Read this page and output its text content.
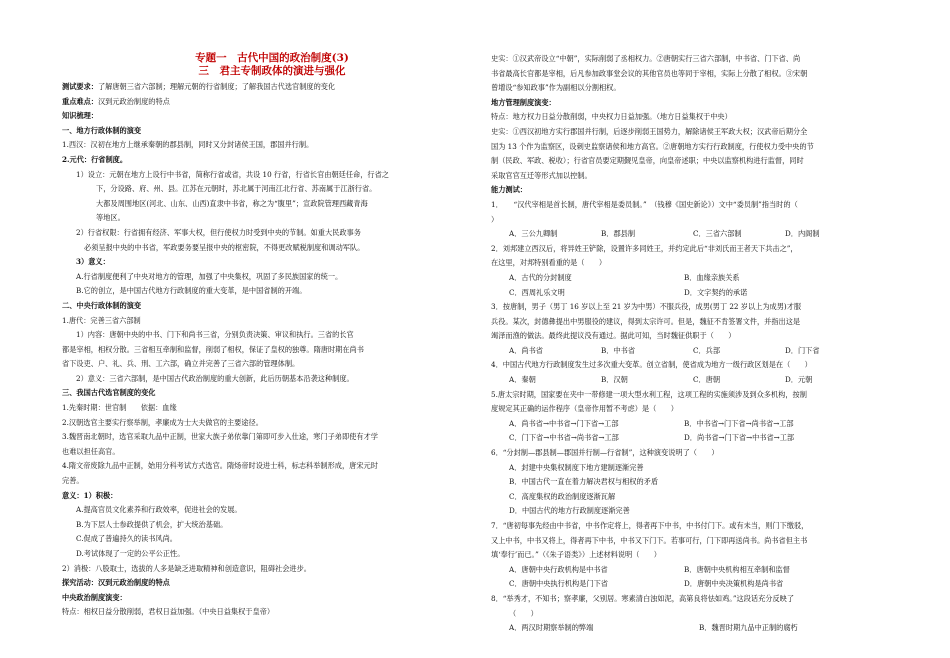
专题一　古代中国的政治制度(3)

三　君主专制政体的演进与强化

测试要求：了解唐朝三省六部制；理解元朝的行省制度；了解我国古代选官制度的变化

重点难点：汉到元政治制度的特点

知识梳理：

一、地方行政体制的演变

1.西汉：汉初在地方上继承秦朝的郡县制，同时又分封诸侯王国，郡国并行制。

2.元代：行省制度。

1）设立：元朝在地方上设行中书省，简称行省或省，共设 10 行省，行省长官由朝廷任命，行省之

下，分设路、府、州、县。江苏在元朝时，苏北属于河南江北行省、苏南属于江浙行省。

大都及周围地区(河北、山东、山西)直隶中书省，称之为“腹里”；宣政院管理西藏青海

等地区。

2）行省权限：行省拥有经济、军事大权，但行使权力时受到中央的节制。如重大民政事务

必须呈报中央的中书省，军政要务要呈报中央的枢密院，不得更改赋税制度和调动军队。

3）意义：

A.行省制度便利了中央对地方的管理，加强了中央集权，巩固了多民族国家的统一。

B.它的创立，是中国古代地方行政制度的重大变革，是中国省制的开端。

二、中央行政体制的演变

1.唐代：完善三省六部制

1）内容：唐朝中央的中书、门下和尚书三省，分别负责决策、审议和执行。三省的长官

都是宰相，相权分散。三省相互牵制和监督，削弱了相权，保证了皇权的独尊。隋唐时期在尚书

省下设吏、户、礼、兵、刑、工六部，确立并完善了三省六部的管理体制。

2）意义：三省六部制，是中国古代政治制度的重大创新，此后历朝基本沿袭这种制度。

三、我国古代选官制度的变化

1.先秦时期：世官制　　依据：血缘

2.汉朝选官主要实行察举制，孝廉成为士大夫做官的主要途径。

3.魏晋南北朝时，选官采取九品中正制，世家大族子弟依靠门第即可步入仕途，寒门子弟即使有才学

也难以担任高官。

4.隋文帝废除九品中正制，始用分科考试方式选官。隋炀帝时设进士科，标志科举制形成，唐宋元时

完善。

意义：1）积极：

A.提高官员文化素养和行政效率，促进社会的发展。

B.为下层人士参政提供了机会，扩大统治基础。

C.促成了普遍持久的读书风尚。

D.考试体现了一定的公平公正性。

2）消极：八股取士，选拔的人多是缺乏进取精神和创造意识，阻碍社会进步。

探究活动：汉到元政治制度的特点

中央政治制度演变：

特点：相权日益分散削弱，君权日益加强。（中央日益集权于皇帝）

史实：①汉武帝设立“中朝”，实际削弱了丞相权力。②唐朝实行三省六部制，中书省、门下省、尚

书省最高长官都是宰相，后凡参加政事堂会议的其他官员也等同于宰相，实际上分散了相权。③宋朝

曾增设“参知政事”作为副相以分割相权。

地方管理制度演变：

特点：地方权力日益分散削弱，中央权力日益加强。（地方日益集权于中央）

史实：①西汉初地方实行郡国并行制，后逐步削弱王国势力，解除诸侯王军政大权；汉武帝后期分全

国为 13 个作为监察区，设刺史监察诸侯和地方高官。②唐朝地方实行行政制度，行使权力受中央的节

制（民政、军政、税收）；行省官员要定期觐见皇帝，向皇帝述职；中央以监察机构进行监督，同时

采取官官互迁等形式加以控制。

能力测试：

1．　　“汉代宰相是首长制，唐代宰相是委员制。”　（钱穆《国史新论》）文中“委员制”指当时的（

）

A．三公九卿制	B．郡县制	C．三省六部制	D．内阁制

2．刘邦建立西汉后，将异姓王铲除，设置许多同姓王，并约定此后“非刘氏而王者天下共击之”，

在这里，对邦特别看重的是（　　）

A．古代的分封制度	B．血缘亲族关系
C．西周礼乐文明	D．文字契约的承诺

3．按唐制，男子（男丁 16 岁以上至 21 岁为中男）不服兵役，成男(男丁 22 岁以上为成男)才服

兵役。某次，封德彝提出中男服役的建议，得到太宗许可。但是，魏征不肯签署文件，并指出这是

竭泽而渔的做法。最终此提议没有通过。据此可知，当时魏征供职于（　　）

A．尚书省	B．中书省	C．兵部	D．门下省

4．中国古代地方行政制度发生过多次重大变革。创立省制，使省成为地方一级行政区划是在（　　）

A．秦朝	B．汉朝	C．唐朝	D．元朝

5.唐太宗时期，国家要在夹中一带修建一项大型水利工程，这项工程的实施须涉及到众多机构，按制

度规定其正确的运作程序（皇帝作用暂不考虑）是（　　）

A．尚书省→中书省→门下省→工部	B．中书省→门下省→尚书省→工部
C．门下省→中书省→尚书省→工部	D．尚书省→门下省→中书省→工部

6．“分封制—郡县制—郡国并行制—行省制”，这种演变说明了（　　）

A．封建中央集权制度下地方建制逐渐完善

B．中国古代一直在着力解决君权与相权的矛盾

C．高度集权的政治制度逐渐瓦解

D．中国古代的地方行政制度逐渐完善

7．“唐初每事先经由中书省，中书作定将上，得者再下中书，中书付门下。或有未当，则门下缴驳，

又上中书，中书又将上，得者再下中书，中书又下门下。若事可行，门下即再送尚书。尚书省但主书

填‘奉行’而已。”（《朱子语类》）上述材料说明（　　）

A．唐朝中央行政机构是中书省	B．唐朝中央机构相互牵制和监督
C．唐朝中央执行机构是门下省	D．唐朝中央决策机构是尚书省

8．“举秀才，不知书；察孝廉，父别居。寒素清白浊如泥，高第良将怯如鸡。”这段话充分反映了

（　　）

A．两汉时期察举制的弊端	B．魏晋时期九品中正制的腐朽
